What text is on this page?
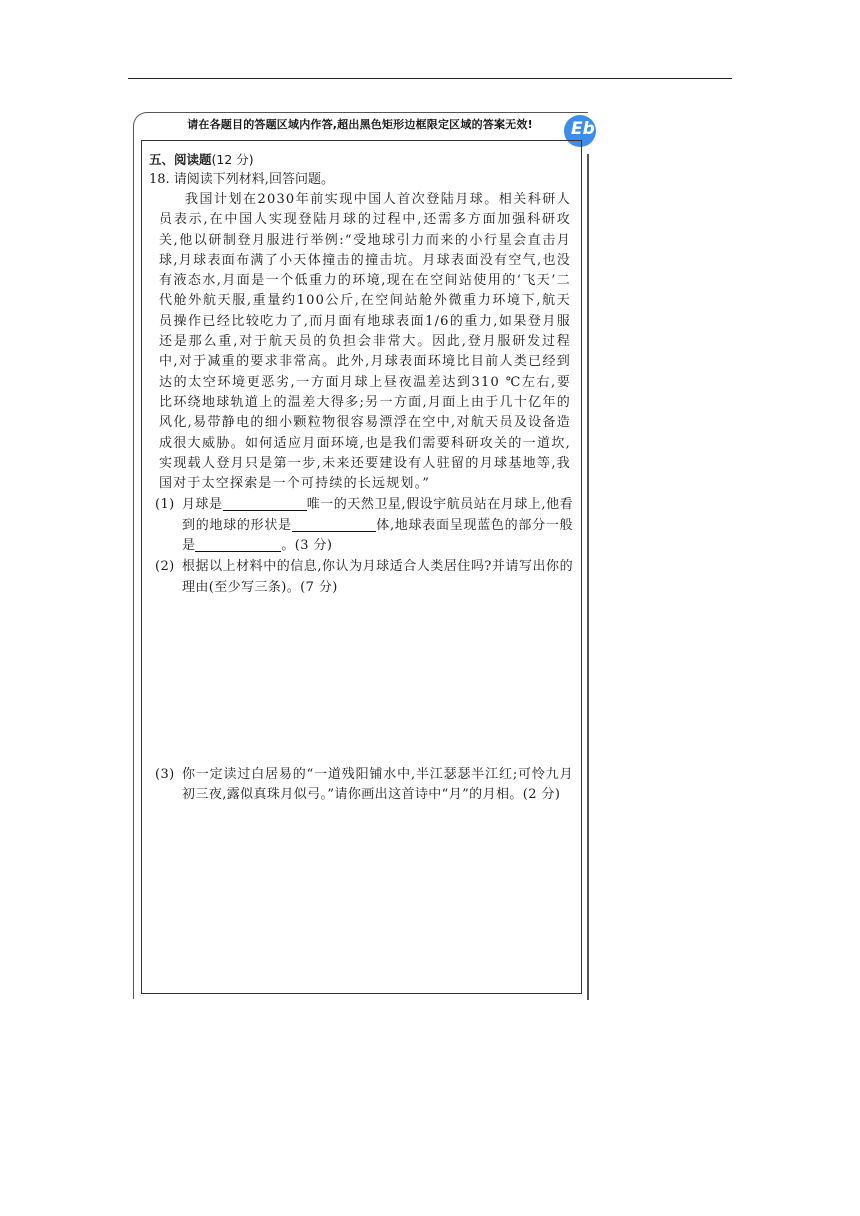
请在各题目的答题区域内作答,超出黑色矩形边框限定区域的答案无效!	Eb
五、阅读题(12 分)
18. 请阅读下列材料,回答问题。

我国计划在2030年前实现中国人首次登陆月球。相关科研人员表示,在中国人实现登陆月球的过程中,还需多方面加强科研攻关,他以研制登月服进行举例:“受地球引力而来的小行星会直击月球,月球表面布满了小天体撞击的撞击坑。月球表面没有空气,也没有液态水,月面是一个低重力的环境,现在在空间站使用的‘飞天’二代舱外航天服,重量约100公斤,在空间站舱外微重力环境下,航天员操作已经比较吃力了,而月面有地球表面1/6的重力,如果登月服还是那么重,对于航天员的负担会非常大。因此,登月服研发过程中,对于减重的要求非常高。此外,月球表面环境比目前人类已经到达的太空环境更恶劣,一方面月球上昼夜温差达到310 ℃左右,要比环绕地球轨道上的温差大得多;另一方面,月面上由于几十亿年的风化,易带静电的细小颗粒物很容易漂浮在空中,对航天员及设备造成很大威胁。如何适应月面环境,也是我们需要科研攻关的一道坎,实现载人登月只是第一步,未来还要建设有人驻留的月球基地等,我国对于太空探索是一个可持续的长远规划。”

(1) 月球是	唯一的天然卫星,假设宇航员站在月球上,他看到的地球的形状是	体,地球表面呈现蓝色的部分一般是	。(3 分)
(2) 根据以上材料中的信息,你认为月球适合人类居住吗?并请写出你的理由(至少写三条)。(7 分)
(3) 你一定读过白居易的“一道残阳铺水中,半江瑟瑟半江红;可怜九月初三夜,露似真珠月似弓。”请你画出这首诗中“月”的月相。(2 分)
